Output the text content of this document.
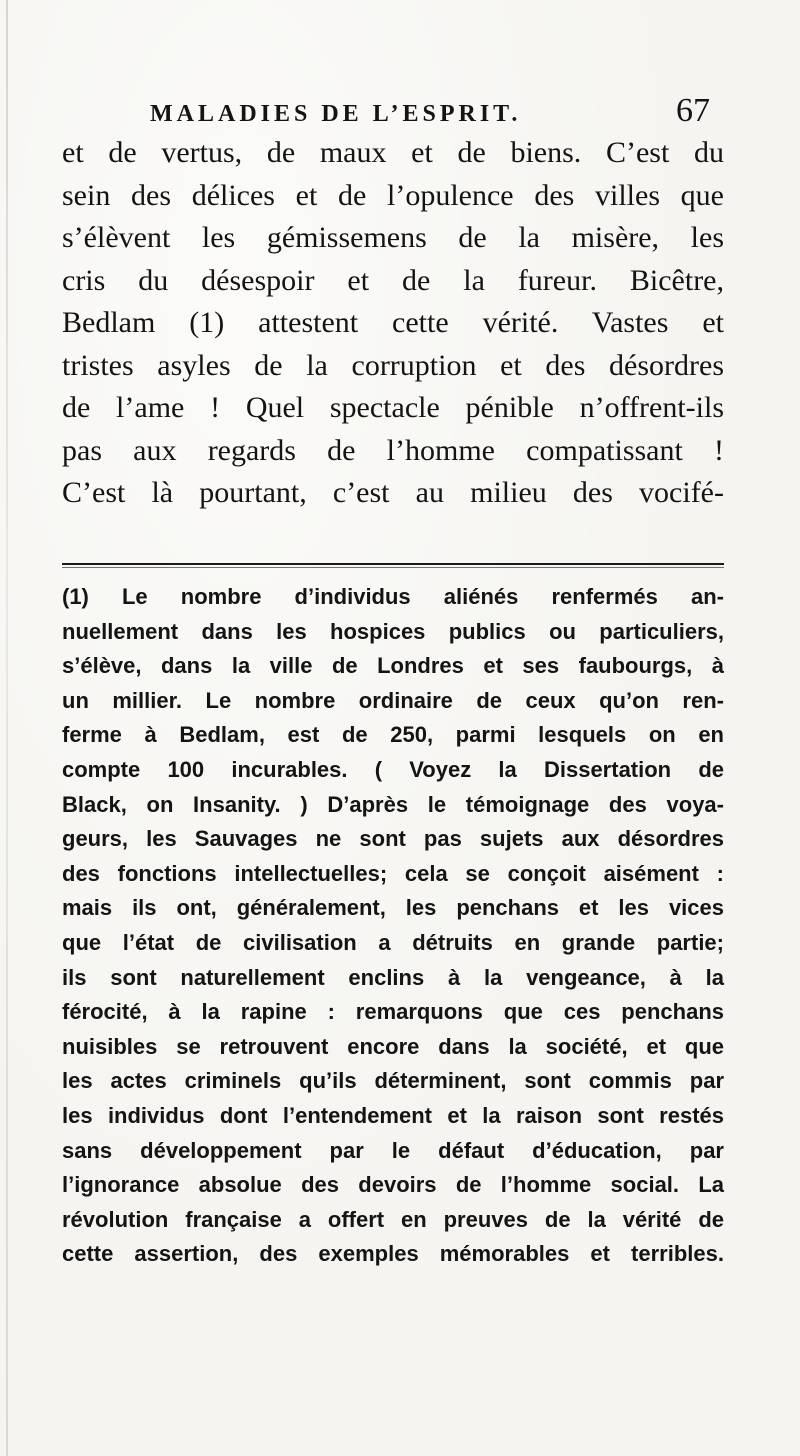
MALADIES DE L’ESPRIT.	67
et de vertus, de maux et de biens. C’est du
sein des délices et de l’opulence des villes que
s’élèvent les gémissemens de la misère, les
cris du désespoir et de la fureur. Bicêtre,
Bedlam (1) attestent cette vérité. Vastes et
tristes asyles de la corruption et des désordres
de l’ame ! Quel spectacle pénible n’offrent-ils
pas aux regards de l’homme compatissant !
C’est là pourtant, c’est au milieu des vocifé-
(1) Le nombre d’individus aliénés renfermés an-
nuellement dans les hospices publics ou particuliers,
s’élève, dans la ville de Londres et ses faubourgs, à
un millier. Le nombre ordinaire de ceux qu’on ren-
ferme à Bedlam, est de 250, parmi lesquels on en
compte 100 incurables. ( Voyez la Dissertation de
Black, on Insanity. ) D’après le témoignage des voya-
geurs, les Sauvages ne sont pas sujets aux désordres
des fonctions intellectuelles; cela se conçoit aisément :
mais ils ont, généralement, les penchans et les vices
que l’état de civilisation a détruits en grande partie;
ils sont naturellement enclins à la vengeance, à la
férocité, à la rapine : remarquons que ces penchans
nuisibles se retrouvent encore dans la société, et que
les actes criminels qu’ils déterminent, sont commis par
les individus dont l’entendement et la raison sont restés
sans développement par le défaut d’éducation, par
l’ignorance absolue des devoirs de l’homme social. La
révolution française a offert en preuves de la vérité de
cette assertion, des exemples mémorables et terribles.
